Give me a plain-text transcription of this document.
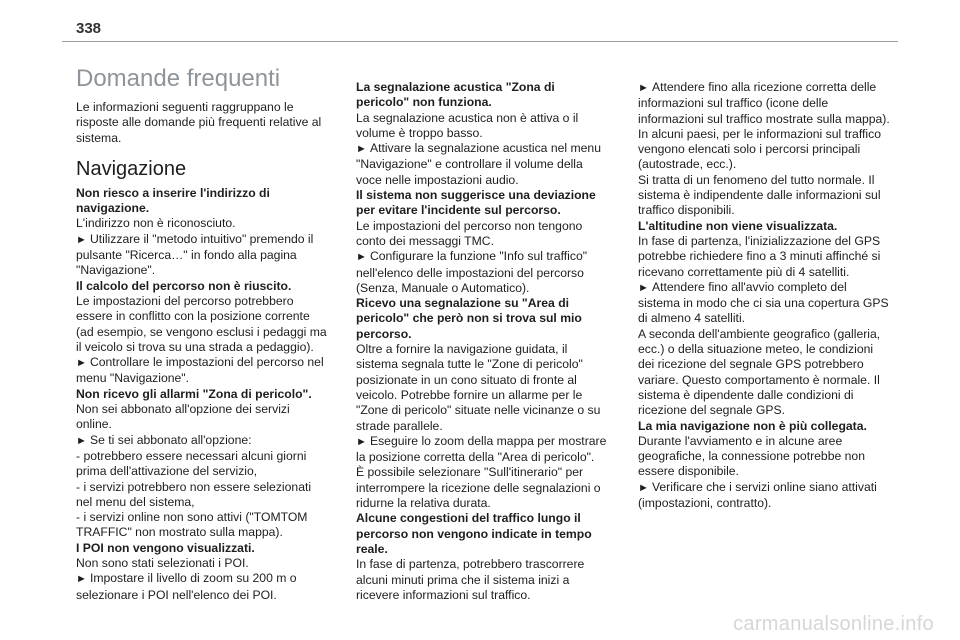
338
Domande frequenti

Le informazioni seguenti raggruppano le risposte alle domande più frequenti relative al sistema.

Navigazione

Non riesco a inserire l'indirizzo di navigazione.

L'indirizzo non è riconosciuto.

► Utilizzare il "metodo intuitivo" premendo il pulsante "Ricerca…" in fondo alla pagina "Navigazione".

Il calcolo del percorso non è riuscito.

Le impostazioni del percorso potrebbero essere in conflitto con la posizione corrente (ad esempio, se vengono esclusi i pedaggi ma il veicolo si trova su una strada a pedaggio).

► Controllare le impostazioni del percorso nel menu "Navigazione".

Non ricevo gli allarmi "Zona di pericolo".

Non sei abbonato all'opzione dei servizi online.

► Se ti sei abbonato all'opzione:

- potrebbero essere necessari alcuni giorni prima dell'attivazione del servizio,

- i servizi potrebbero non essere selezionati nel menu del sistema,

- i servizi online non sono attivi ("TOMTOM TRAFFIC" non mostrato sulla mappa).

I POI non vengono visualizzati.

Non sono stati selezionati i POI.

► Impostare il livello di zoom su 200 m o selezionare i POI nell'elenco dei POI.

La segnalazione acustica "Zona di pericolo" non funziona.

La segnalazione acustica non è attiva o il volume è troppo basso.

► Attivare la segnalazione acustica nel menu "Navigazione" e controllare il volume della voce nelle impostazioni audio.

Il sistema non suggerisce una deviazione per evitare l'incidente sul percorso.

Le impostazioni del percorso non tengono conto dei messaggi TMC.

► Configurare la funzione "Info sul traffico" nell'elenco delle impostazioni del percorso (Senza, Manuale o Automatico).

Ricevo una segnalazione su "Area di pericolo" che però non si trova sul mio percorso.

Oltre a fornire la navigazione guidata, il sistema segnala tutte le "Zone di pericolo" posizionate in un cono situato di fronte al veicolo. Potrebbe fornire un allarme per le "Zone di pericolo" situate nelle vicinanze o su strade parallele.

► Eseguire lo zoom della mappa per mostrare la posizione corretta della "Area di pericolo".

È possibile selezionare "Sull'itinerario" per interrompere la ricezione delle segnalazioni o ridurne la relativa durata.

Alcune congestioni del traffico lungo il percorso non vengono indicate in tempo reale.

In fase di partenza, potrebbero trascorrere alcuni minuti prima che il sistema inizi a ricevere informazioni sul traffico.

► Attendere fino alla ricezione corretta delle informazioni sul traffico (icone delle informazioni sul traffico mostrate sulla mappa).

In alcuni paesi, per le informazioni sul traffico vengono elencati solo i percorsi principali (autostrade, ecc.).

Si tratta di un fenomeno del tutto normale. Il sistema è indipendente dalle informazioni sul traffico disponibili.

L'altitudine non viene visualizzata.

In fase di partenza, l'inizializzazione del GPS potrebbe richiedere fino a 3 minuti affinché si ricevano correttamente più di 4 satelliti.

► Attendere fino all'avvio completo del sistema in modo che ci sia una copertura GPS di almeno 4 satelliti.

A seconda dell'ambiente geografico (galleria, ecc.) o della situazione meteo, le condizioni dei ricezione del segnale GPS potrebbero variare. Questo comportamento è normale. Il sistema è dipendente dalle condizioni di ricezione del segnale GPS.

La mia navigazione non è più collegata.

Durante l'avviamento e in alcune aree geografiche, la connessione potrebbe non essere disponibile.

► Verificare che i servizi online siano attivati (impostazioni, contratto).

carmanualsonline.info
